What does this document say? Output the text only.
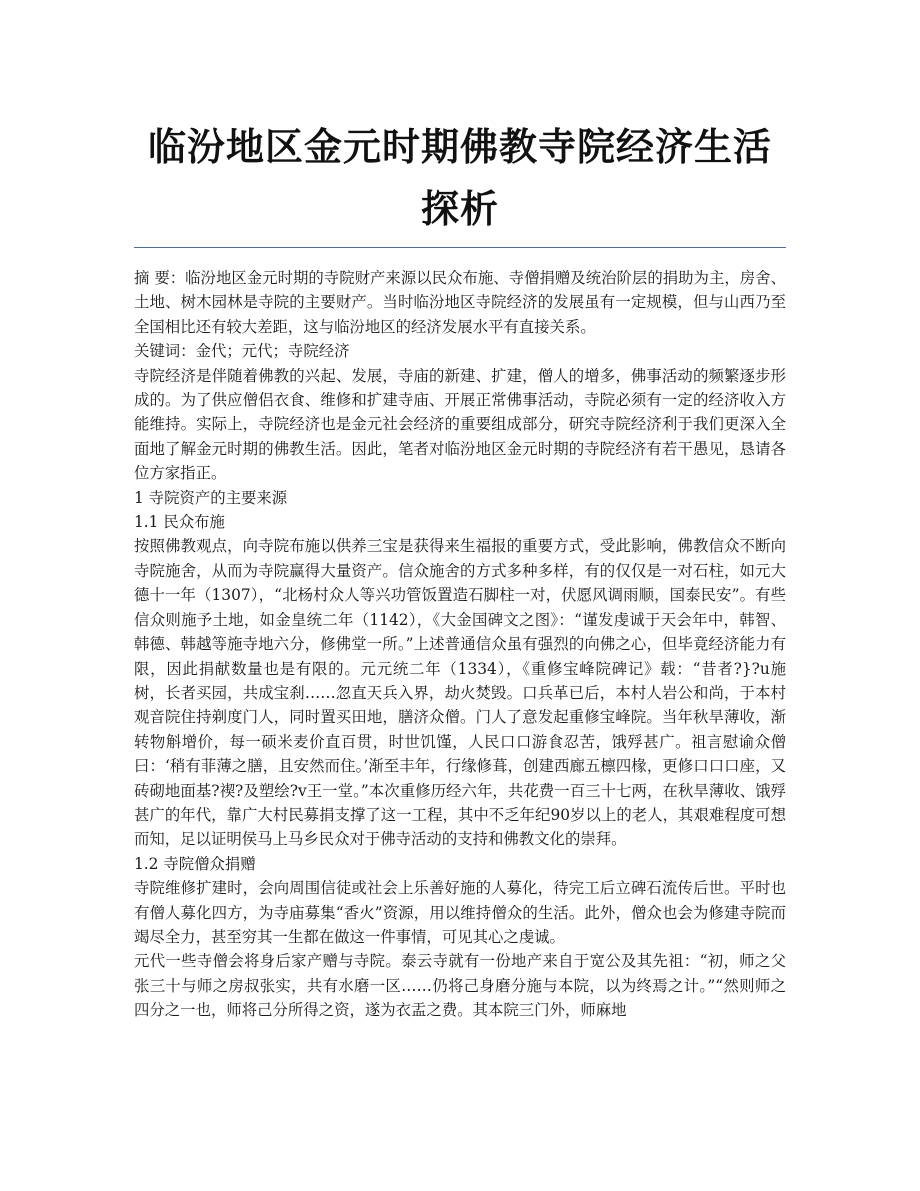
临汾地区金元时期佛教寺院经济生活
探析

摘 要：临汾地区金元时期的寺院财产来源以民众布施、寺僧捐赠及统治阶层的捐助为主，房舍、土地、树木园林是寺院的主要财产。当时临汾地区寺院经济的发展虽有一定规模，但与山西乃至全国相比还有较大差距，这与临汾地区的经济发展水平有直接关系。

关键词：金代；元代；寺院经济

寺院经济是伴随着佛教的兴起、发展，寺庙的新建、扩建，僧人的增多，佛事活动的频繁逐步形成的。为了供应僧侣衣食、维修和扩建寺庙、开展正常佛事活动，寺院必须有一定的经济收入方能维持。实际上，寺院经济也是金元社会经济的重要组成部分，研究寺院经济利于我们更深入全面地了解金元时期的佛教生活。因此，笔者对临汾地区金元时期的寺院经济有若干愚见，恳请各位方家指正。

1 寺院资产的主要来源

1.1 民众布施

按照佛教观点，向寺院布施以供养三宝是获得来生福报的重要方式，受此影响，佛教信众不断向寺院施舍，从而为寺院赢得大量资产。信众施舍的方式多种多样，有的仅仅是一对石柱，如元大德十一年（1307），“北杨村众人等兴功管饭置造石脚柱一对，伏愿风调雨顺，国泰民安”。有些信众则施予土地，如金皇统二年（1142），《大金国碑文之图》：“谨发虔诚于天会年中，韩智、韩德、韩越等施寺地六分，修佛堂一所。”上述普通信众虽有强烈的向佛之心，但毕竟经济能力有限，因此捐献数量也是有限的。元元统二年（1334），《重修宝峰院碑记》载：“昔者?}?u施树，长者买园，共成宝刹……忽直天兵入界，劫火焚毁。口兵革已后，本村人岩公和尚，于本村观音院住持剃度门人，同时置买田地，膳济众僧。门人了意发起重修宝峰院。当年秋旱薄收，渐转物斛增价，每一硕米麦价直百贯，时世饥馑，人民口口游食忍苦，饿殍甚广。祖言慰谕众僧曰：‘稍有菲薄之膳，且安然而住。’渐至丰年，行缘修葺，创建西廊五檩四椽，更修口口口座，又砖砌地面基?禊?及塑绘?v王一堂。”本次重修历经六年，共花费一百三十七两，在秋旱薄收、饿殍甚广的年代，靠广大村民募捐支撑了这一工程，其中不乏年纪90岁以上的老人，其艰难程度可想而知，足以证明侯马上马乡民众对于佛寺活动的支持和佛教文化的崇拜。

1.2 寺院僧众捐赠

寺院维修扩建时，会向周围信徒或社会上乐善好施的人募化，待完工后立碑石流传后世。平时也有僧人募化四方，为寺庙募集“香火”资源，用以维持僧众的生活。此外，僧众也会为修建寺院而竭尽全力，甚至穷其一生都在做这一件事情，可见其心之虔诚。

元代一些寺僧会将身后家产赠与寺院。泰云寺就有一份地产来自于宽公及其先祖：“初，师之父张三十与师之房叔张实，共有水磨一区……仍将己身磨分施与本院，以为终焉之计。”“然则师之四分之一也，师将己分所得之资，遂为衣盂之费。其本院三门外，师麻地
